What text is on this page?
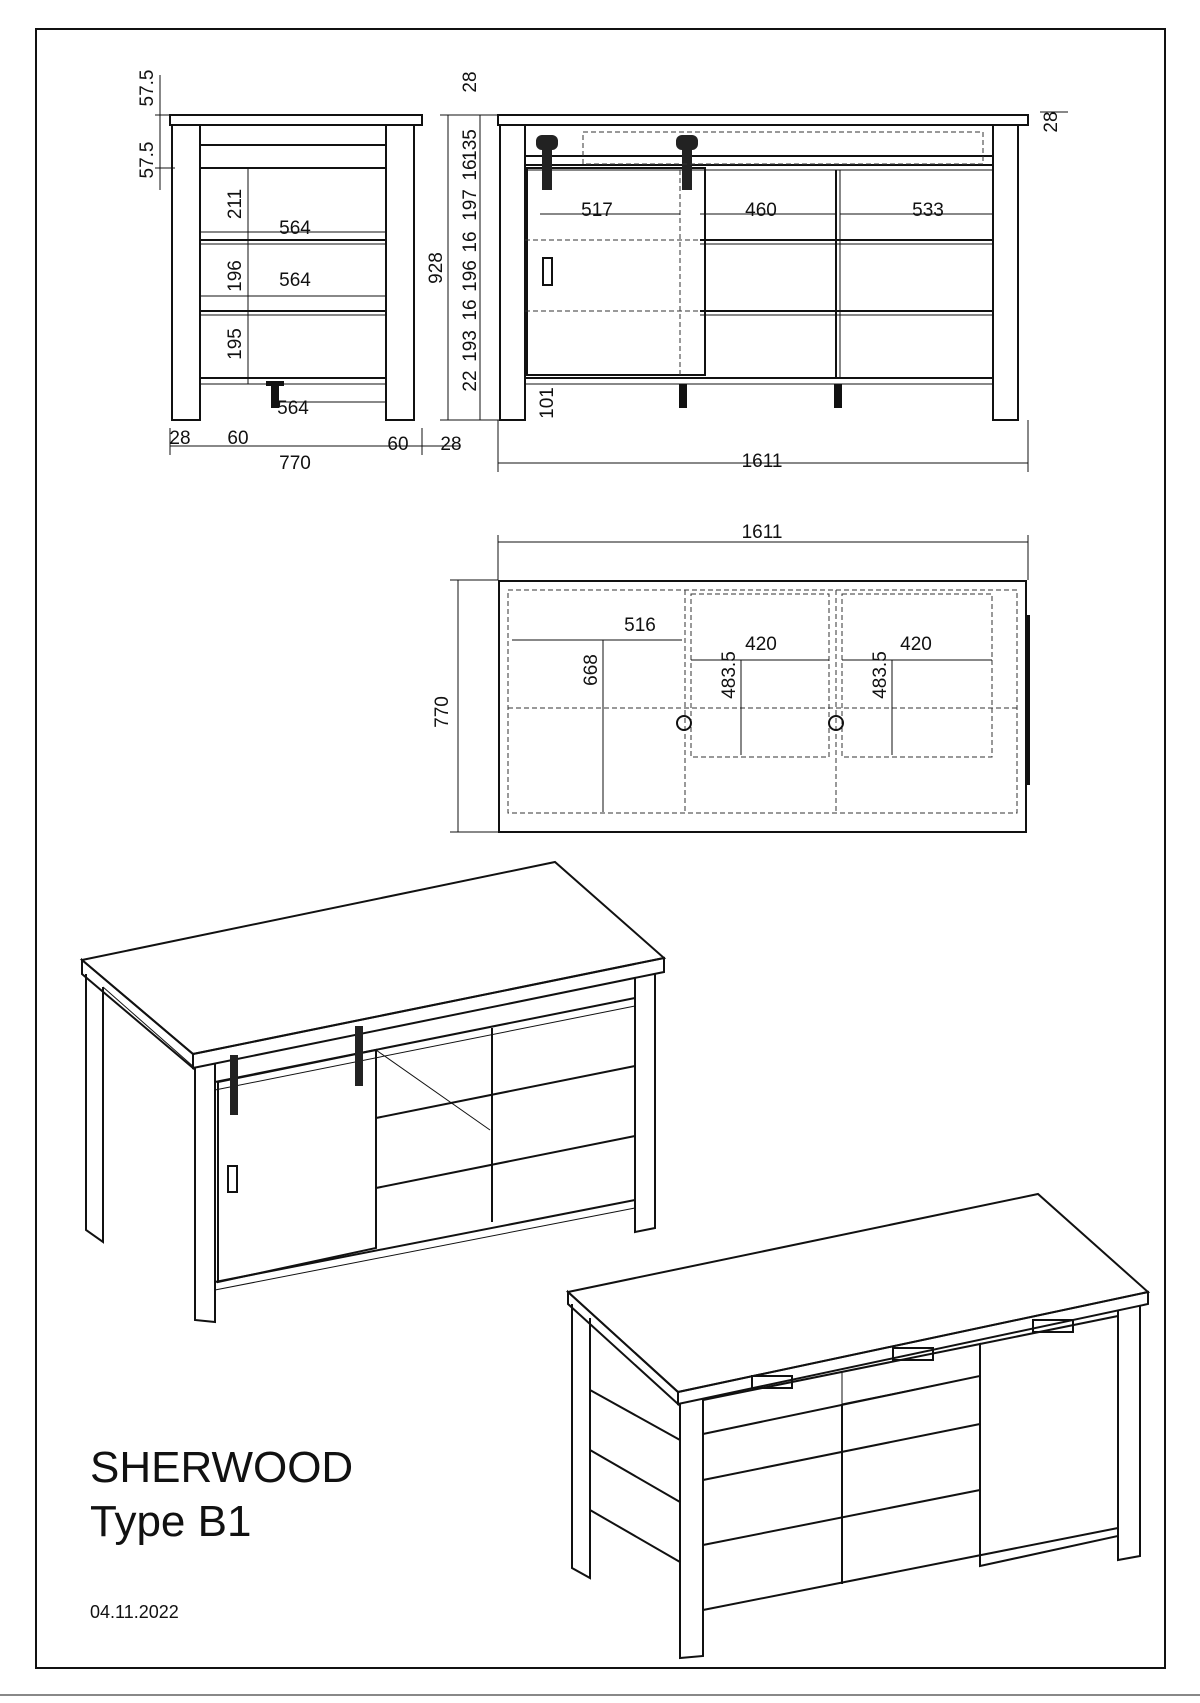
57.5
57.5
211
196
195
564
564
564
28 60	60 28
770
28
28
135
16
197
16
196
16
193
22
101
928
517	460	533
1611
1611
770
516
668
420	420
483.5	483.5
SHERWOOD
Type B1
04.11.2022
